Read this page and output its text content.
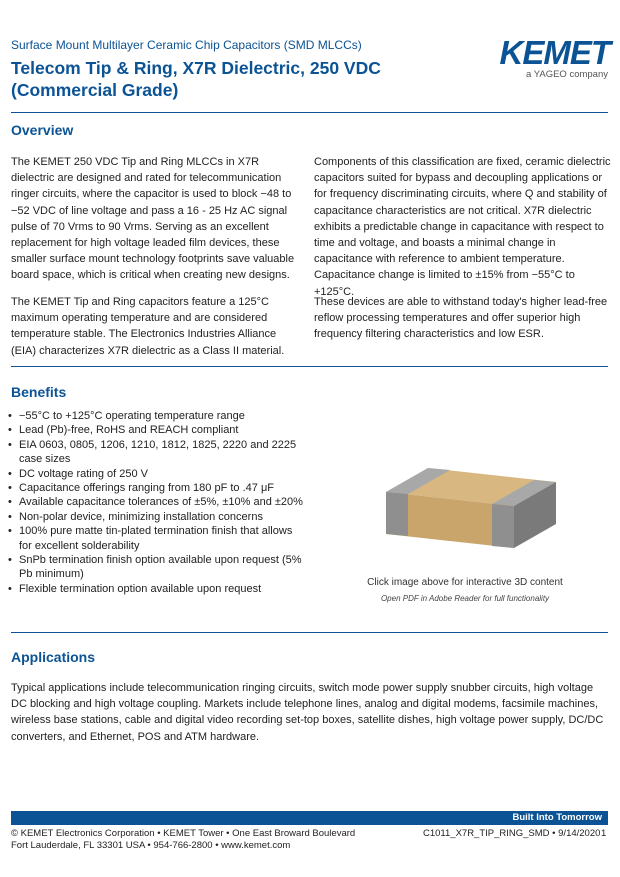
Surface Mount Multilayer Ceramic Chip Capacitors (SMD MLCCs)
Telecom Tip & Ring, X7R Dielectric, 250 VDC
(Commercial Grade)
KEMET
a YAGEO company
Overview

The KEMET 250 VDC Tip and Ring MLCCs in X7R dielectric are designed and rated for telecommunication ringer circuits, where the capacitor is used to block −48 to −52 VDC of line voltage and pass a 16 - 25 Hz AC signal pulse of 70 Vrms to 90 Vrms. Serving as an excellent replacement for high voltage leaded film devices, these smaller surface mount technology footprints save valuable board space, which is critical when creating new designs.

The KEMET Tip and Ring capacitors feature a 125°C maximum operating temperature and are considered temperature stable. The Electronics Industries Alliance (EIA) characterizes X7R dielectric as a Class II material.

Components of this classification are fixed, ceramic dielectric capacitors suited for bypass and decoupling applications or for frequency discriminating circuits, where Q and stability of capacitance characteristics are not critical. X7R dielectric exhibits a predictable change in capacitance with respect to time and voltage, and boasts a minimal change in capacitance with reference to ambient temperature. Capacitance change is limited to ±15% from −55°C to +125°C.

These devices are able to withstand today's higher lead-free reflow processing temperatures and offer superior high frequency filtering characteristics and low ESR.

Benefits
• −55°C to +125°C operating temperature range
• Lead (Pb)-free, RoHS and REACH compliant
• EIA 0603, 0805, 1206, 1210, 1812, 1825, 2220 and 2225 case sizes
• DC voltage rating of 250 V
• Capacitance offerings ranging from 180 pF to .47 μF
• Available capacitance tolerances of ±5%, ±10% and ±20%
• Non-polar device, minimizing installation concerns
• 100% pure matte tin-plated termination finish that allows for excellent solderability
• SnPb termination finish option available upon request (5% Pb minimum)
• Flexible termination option available upon request
Click image above for interactive 3D content
Open PDF in Adobe Reader for full functionality
Applications

Typical applications include telecommunication ringing circuits, switch mode power supply snubber circuits, high voltage DC blocking and high voltage coupling. Markets include telephone lines, analog and digital modems, facsimile machines, wireless base stations, cable and digital video recording set-top boxes, satellite dishes, high voltage power supply, DC/DC converters, and Ethernet, POS and ATM hardware.

Built Into Tomorrow
© KEMET Electronics Corporation • KEMET Tower • One East Broward Boulevard
Fort Lauderdale, FL 33301 USA • 954-766-2800 • www.kemet.com
C1011_X7R_TIP_RING_SMD • 9/14/2020 1
